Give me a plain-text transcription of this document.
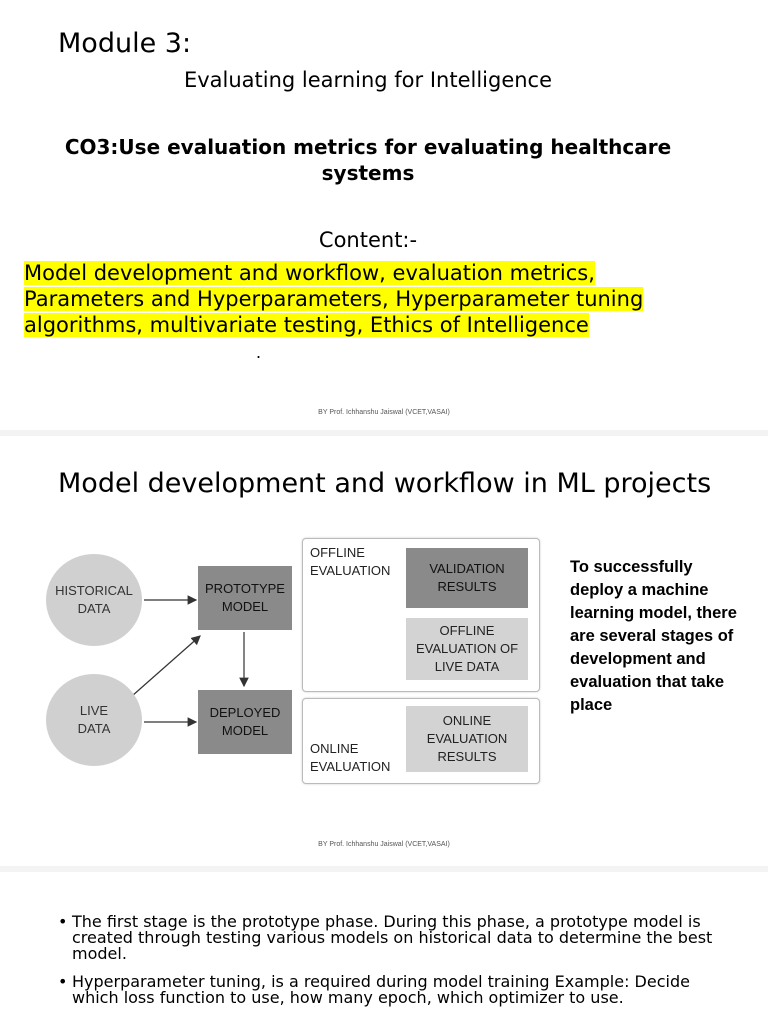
Module 3:
Evaluating learning for Intelligence
CO3:Use evaluation metrics for evaluating healthcare systems
Content:-
Model development and workflow, evaluation metrics,
Parameters and Hyperparameters, Hyperparameter tuning
algorithms, multivariate testing, Ethics of Intelligence
.
BY Prof. Ichhanshu Jaiswal (VCET,VASAI)
Model development and workflow in ML projects
HISTORICAL
DATA
LIVE
DATA
PROTOTYPE
MODEL
DEPLOYED
MODEL
OFFLINE
EVALUATION
ONLINE
EVALUATION
VALIDATION
RESULTS
OFFLINE
EVALUATION OF
LIVE DATA
ONLINE
EVALUATION
RESULTS
To successfully deploy a machine learning model, there are several stages of development and evaluation that take place
BY Prof. Ichhanshu Jaiswal (VCET,VASAI)
• The first stage is the prototype phase. During this phase, a prototype model is created through testing various models on historical data to determine the best model.
• Hyperparameter tuning, is a required during model training Example: Decide which loss function to use, how many epoch, which optimizer to use.
